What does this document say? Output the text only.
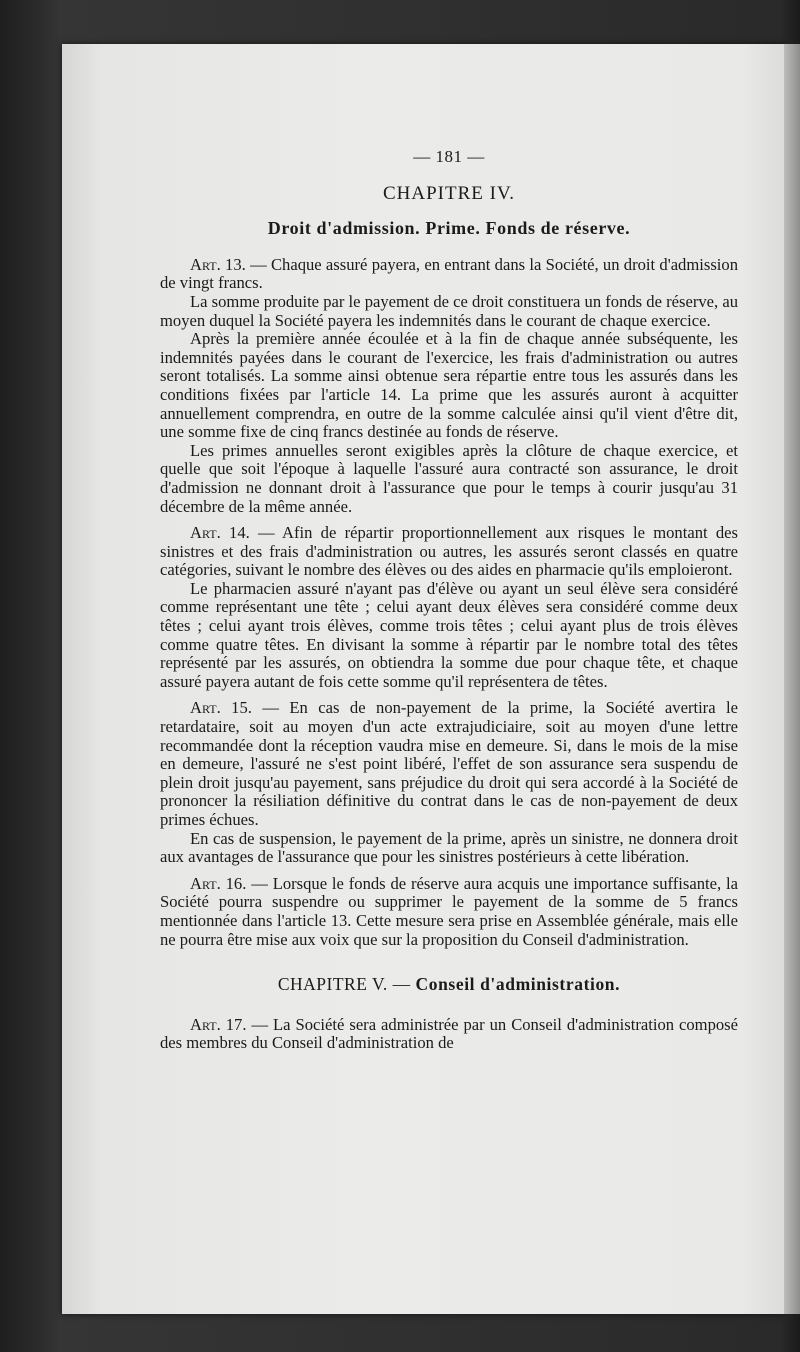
— 181 —
CHAPITRE IV.
Droit d'admission. Prime. Fonds de réserve.

Art. 13. — Chaque assuré payera, en entrant dans la Société, un droit d'admission de vingt francs.

La somme produite par le payement de ce droit constituera un fonds de réserve, au moyen duquel la Société payera les indemnités dans le courant de chaque exercice.

Après la première année écoulée et à la fin de chaque année subséquente, les indemnités payées dans le courant de l'exercice, les frais d'administration ou autres seront totalisés. La somme ainsi obtenue sera répartie entre tous les assurés dans les conditions fixées par l'article 14. La prime que les assurés auront à acquitter annuellement comprendra, en outre de la somme calculée ainsi qu'il vient d'être dit, une somme fixe de cinq francs destinée au fonds de réserve.

Les primes annuelles seront exigibles après la clôture de chaque exercice, et quelle que soit l'époque à laquelle l'assuré aura contracté son assurance, le droit d'admission ne donnant droit à l'assurance que pour le temps à courir jusqu'au 31 décembre de la même année.

Art. 14. — Afin de répartir proportionnellement aux risques le montant des sinistres et des frais d'administration ou autres, les assurés seront classés en quatre catégories, suivant le nombre des élèves ou des aides en pharmacie qu'ils emploieront.

Le pharmacien assuré n'ayant pas d'élève ou ayant un seul élève sera considéré comme représentant une tête ; celui ayant deux élèves sera considéré comme deux têtes ; celui ayant trois élèves, comme trois têtes ; celui ayant plus de trois élèves comme quatre têtes. En divisant la somme à répartir par le nombre total des têtes représenté par les assurés, on obtiendra la somme due pour chaque tête, et chaque assuré payera autant de fois cette somme qu'il représentera de têtes.

Art. 15. — En cas de non-payement de la prime, la Société avertira le retardataire, soit au moyen d'un acte extrajudiciaire, soit au moyen d'une lettre recommandée dont la réception vaudra mise en demeure. Si, dans le mois de la mise en demeure, l'assuré ne s'est point libéré, l'effet de son assurance sera suspendu de plein droit jusqu'au payement, sans préjudice du droit qui sera accordé à la Société de prononcer la résiliation définitive du contrat dans le cas de non-payement de deux primes échues.

En cas de suspension, le payement de la prime, après un sinistre, ne donnera droit aux avantages de l'assurance que pour les sinistres postérieurs à cette libération.

Art. 16. — Lorsque le fonds de réserve aura acquis une importance suffisante, la Société pourra suspendre ou supprimer le payement de la somme de 5 francs mentionnée dans l'article 13. Cette mesure sera prise en Assemblée générale, mais elle ne pourra être mise aux voix que sur la proposition du Conseil d'administration.

CHAPITRE V. — Conseil d'administration.

Art. 17. — La Société sera administrée par un Conseil d'administration composé des membres du Conseil d'administration de
